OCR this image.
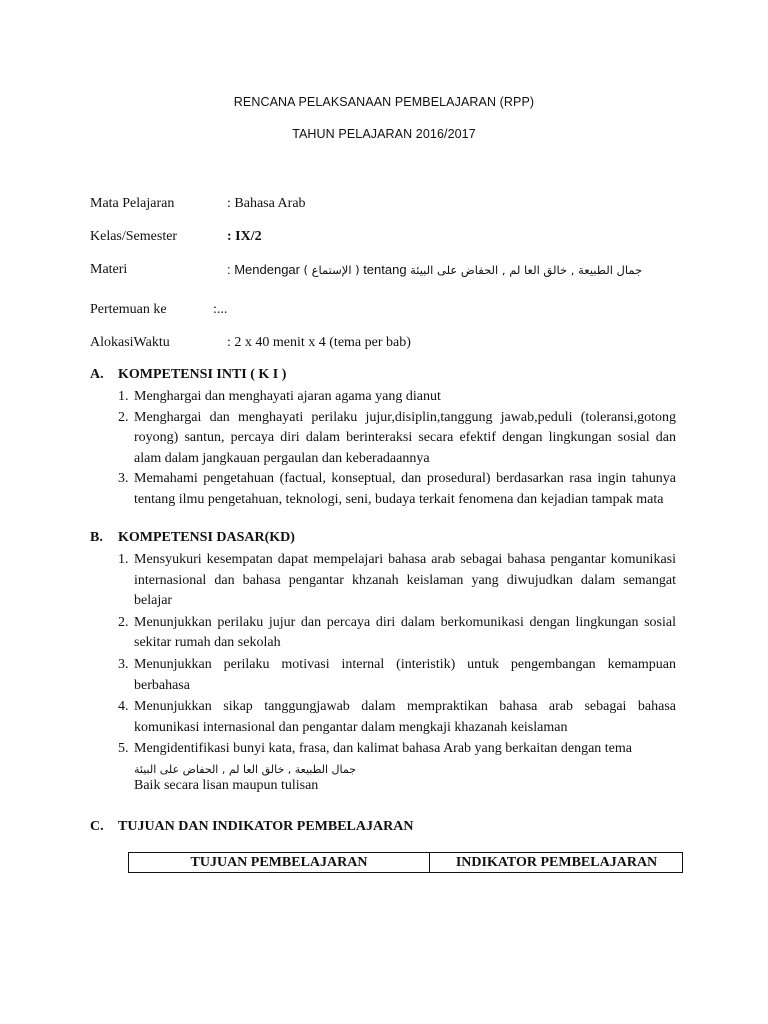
RENCANA PELAKSANAAN PEMBELAJARAN (RPP)
TAHUN PELAJARAN 2016/2017
Mata Pelajaran	: Bahasa Arab
Kelas/Semester	: IX/2
Materi	: Mendengar ( الإستماع ) tentang جمال الطبيعة , خالق العا لم , الحفاض على البيئة
Pertemuan ke	:...
AlokasiWaktu	: 2 x 40 menit x 4 (tema per bab)
A. KOMPETENSI INTI ( K I )
1. Menghargai dan menghayati ajaran agama yang dianut
2. Menghargai dan menghayati perilaku jujur,disiplin,tanggung jawab,peduli (toleransi,gotong royong) santun, percaya diri dalam berinteraksi secara efektif dengan lingkungan sosial dan alam dalam jangkauan pergaulan dan keberadaannya
3. Memahami pengetahuan (factual, konseptual, dan prosedural) berdasarkan rasa ingin tahunya tentang ilmu pengetahuan, teknologi, seni, budaya terkait fenomena dan kejadian tampak mata
B. KOMPETENSI DASAR(KD)
1. Mensyukuri kesempatan dapat mempelajari bahasa arab sebagai bahasa pengantar komunikasi internasional dan bahasa pengantar khzanah keislaman yang diwujudkan dalam semangat belajar
2. Menunjukkan perilaku jujur dan percaya diri dalam berkomunikasi dengan lingkungan sosial sekitar rumah dan sekolah
3. Menunjukkan perilaku motivasi internal (interistik) untuk pengembangan kemampuan berbahasa
4. Menunjukkan sikap tanggungjawab dalam mempraktikan bahasa arab sebagai bahasa komunikasi internasional dan pengantar dalam mengkaji khazanah keislaman
5. Mengidentifikasi bunyi kata, frasa, dan kalimat bahasa Arab yang berkaitan dengan tema
جمال الطبيعة , خالق العا لم , الحفاض على البيئة
Baik secara lisan maupun tulisan
C. TUJUAN DAN INDIKATOR PEMBELAJARAN
TUJUAN PEMBELAJARAN	INDIKATOR PEMBELAJARAN
